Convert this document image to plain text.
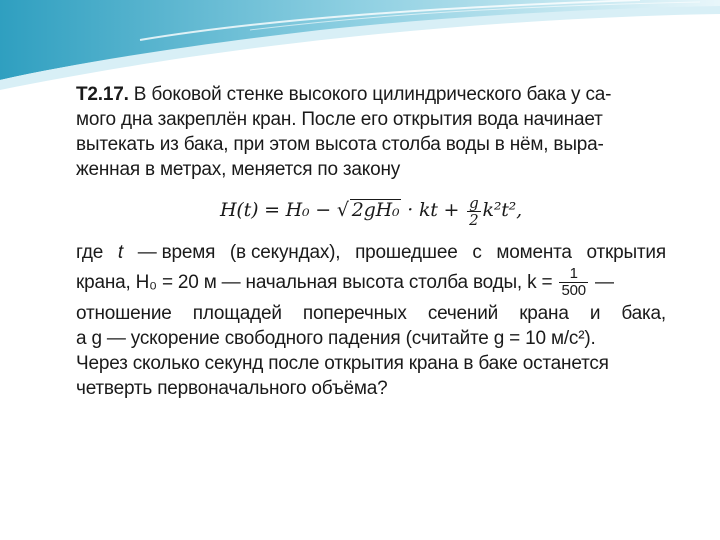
Т2.17. В боковой стенке высокого цилиндрического бака у са-
мого дна закреплён кран. После его открытия вода начинает
вытекать из бака, при этом высота столба воды в нём, выра-
женная в метрах, меняется по закону
H(t) = H₀ − √ 2gH₀ · kt + $\frac{g}{2} k^2t^2$,
где t — время (в секундах), прошедшее с момента открытия
крана, H₀ = 20 м — начальная высота столба воды, $k = \frac{1}{500}$ —
отношение площадей поперечных сечений крана и бака,
а g — ускорение свободного падения (считайте g = 10 м/с²).
Через сколько секунд после открытия крана в баке останется
четверть первоначального объёма?
